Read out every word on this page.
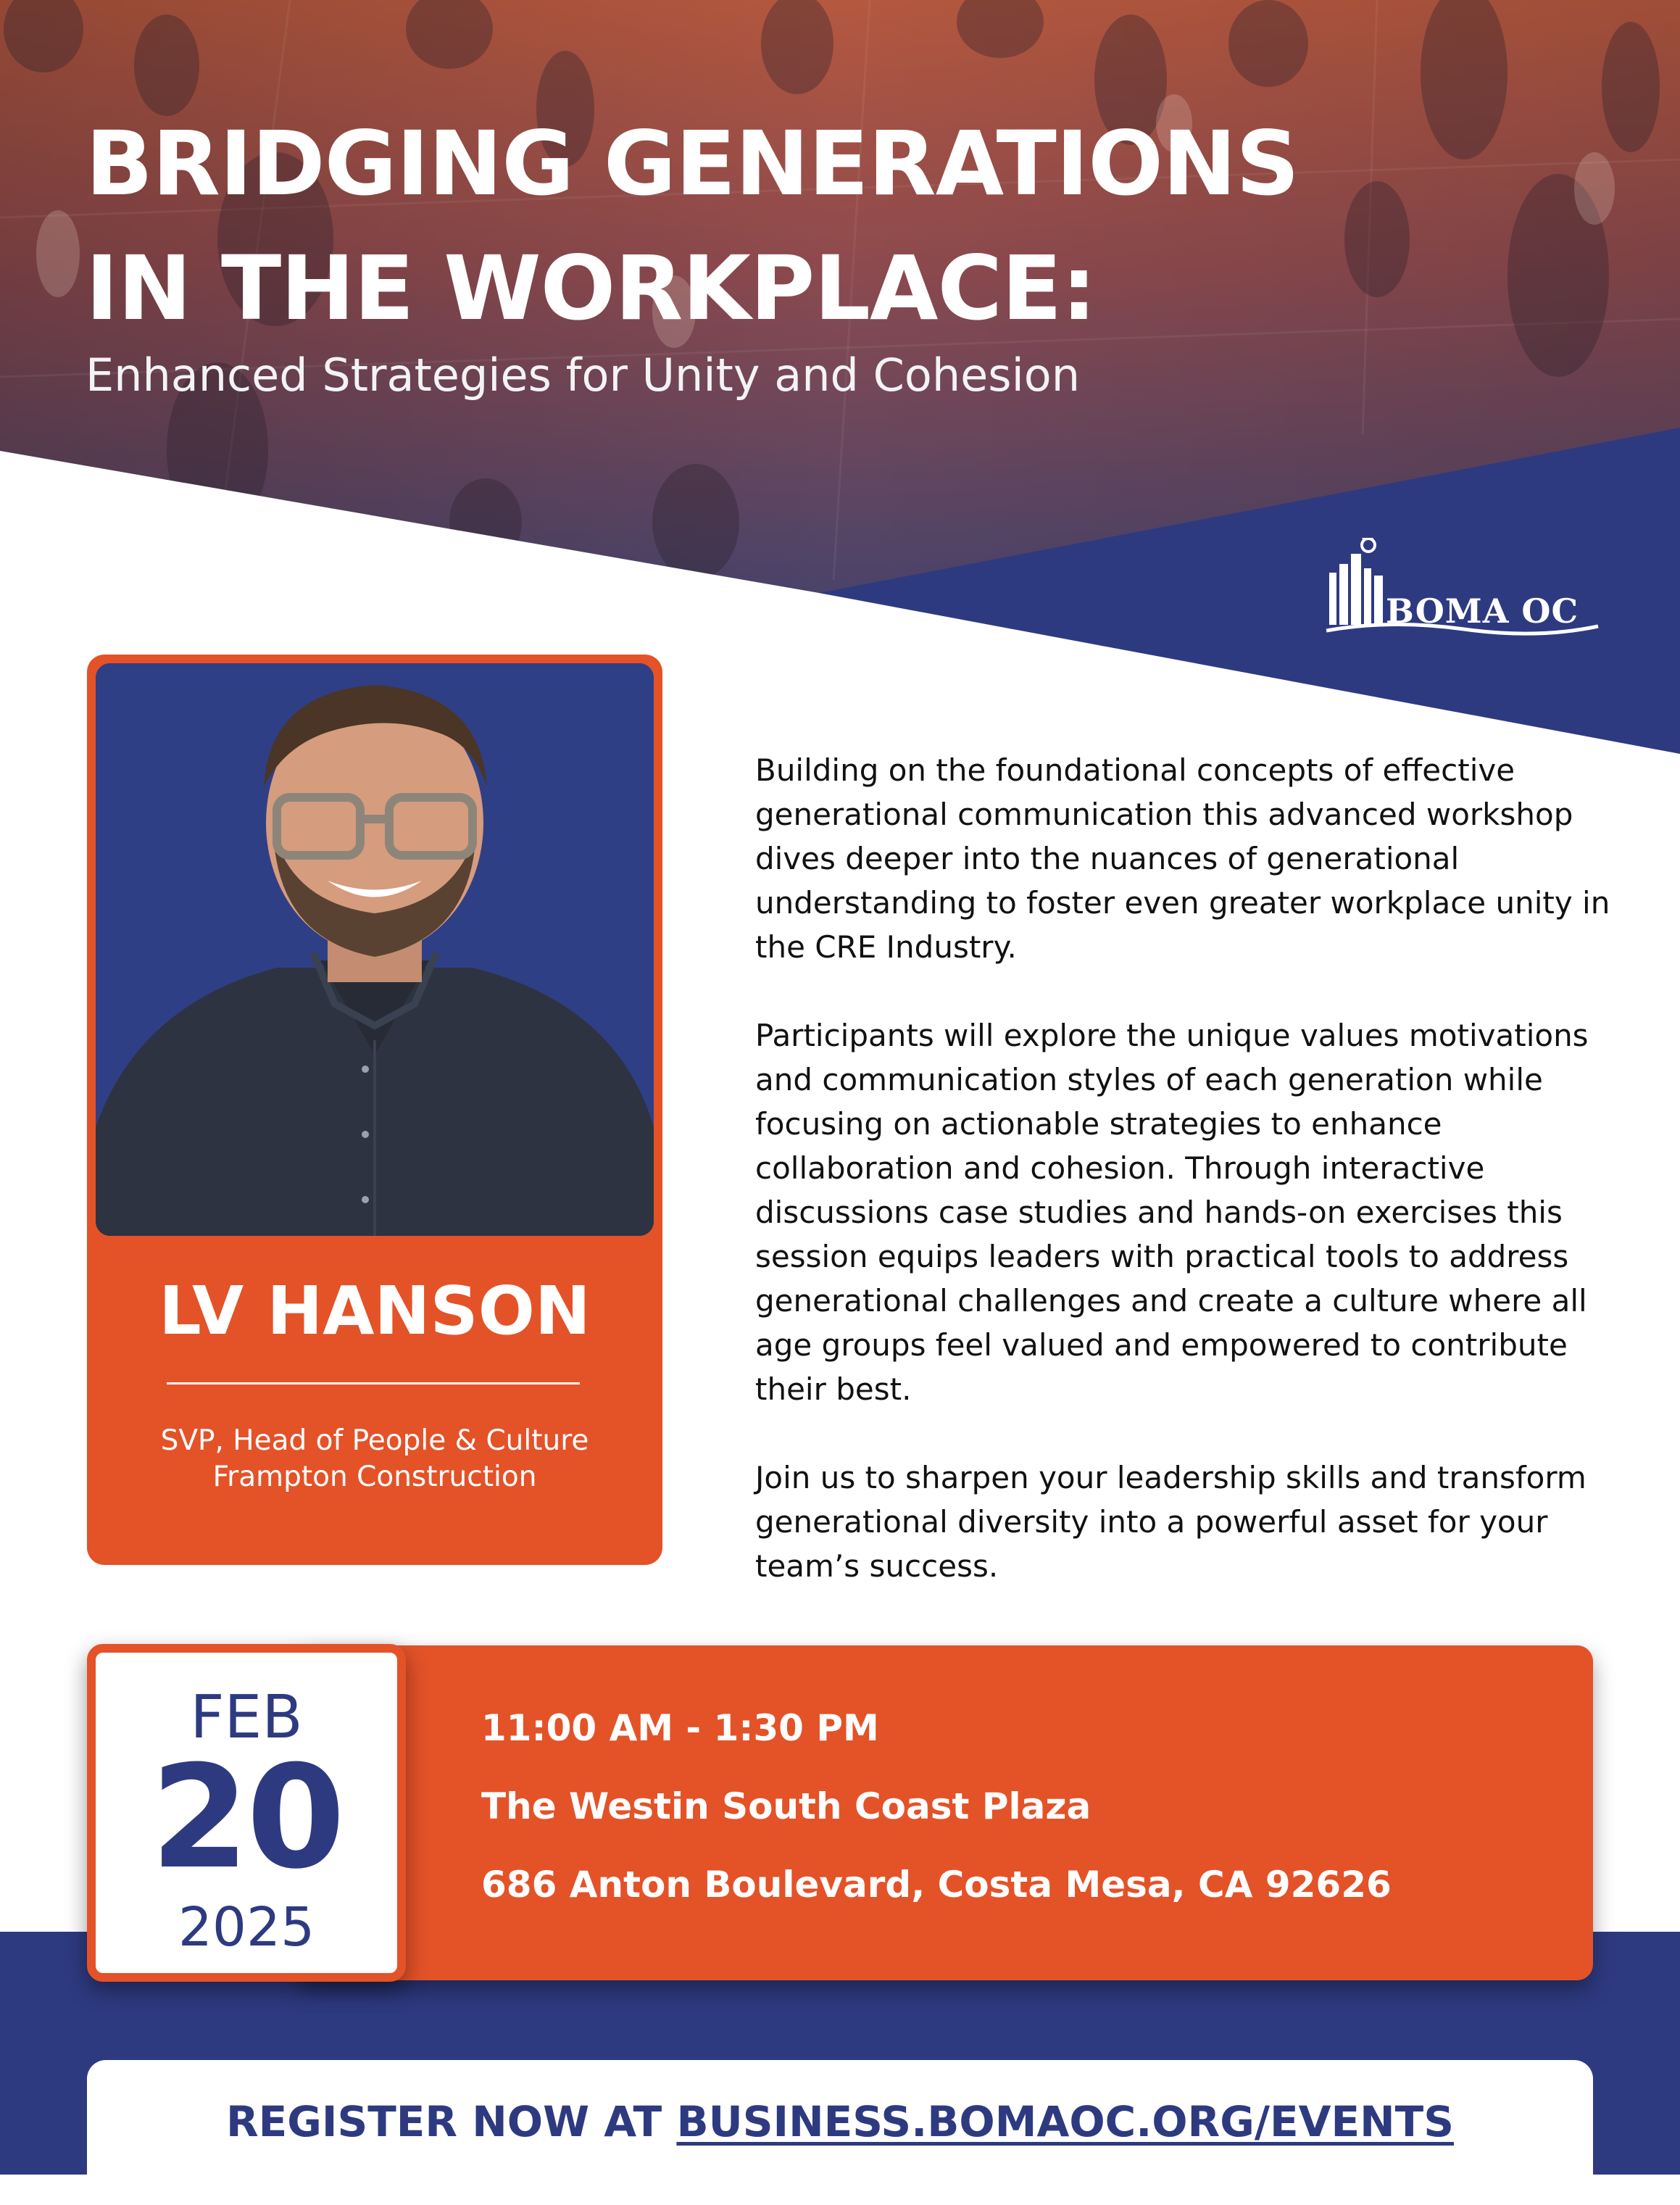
BRIDGING GENERATIONS
IN THE WORKPLACE:
Enhanced Strategies for Unity and Cohesion
BOMA OC
LV HANSON
SVP, Head of People & Culture
Frampton Construction

Building on the foundational concepts of effective generational communication this advanced workshop dives deeper into the nuances of generational understanding to foster even greater workplace unity in the CRE Industry.

Participants will explore the unique values motivations and communication styles of each generation while focusing on actionable strategies to enhance collaboration and cohesion. Through interactive discussions case studies and hands-on exercises this session equips leaders with practical tools to address generational challenges and create a culture where all age groups feel valued and empowered to contribute their best.

Join us to sharpen your leadership skills and transform generational diversity into a powerful asset for your team’s success.

11:00 AM - 1:30 PM
The Westin South Coast Plaza
686 Anton Boulevard, Costa Mesa, CA 92626
FEB
20
2025
REGISTER NOW AT BUSINESS.BOMAOC.ORG/EVENTS
